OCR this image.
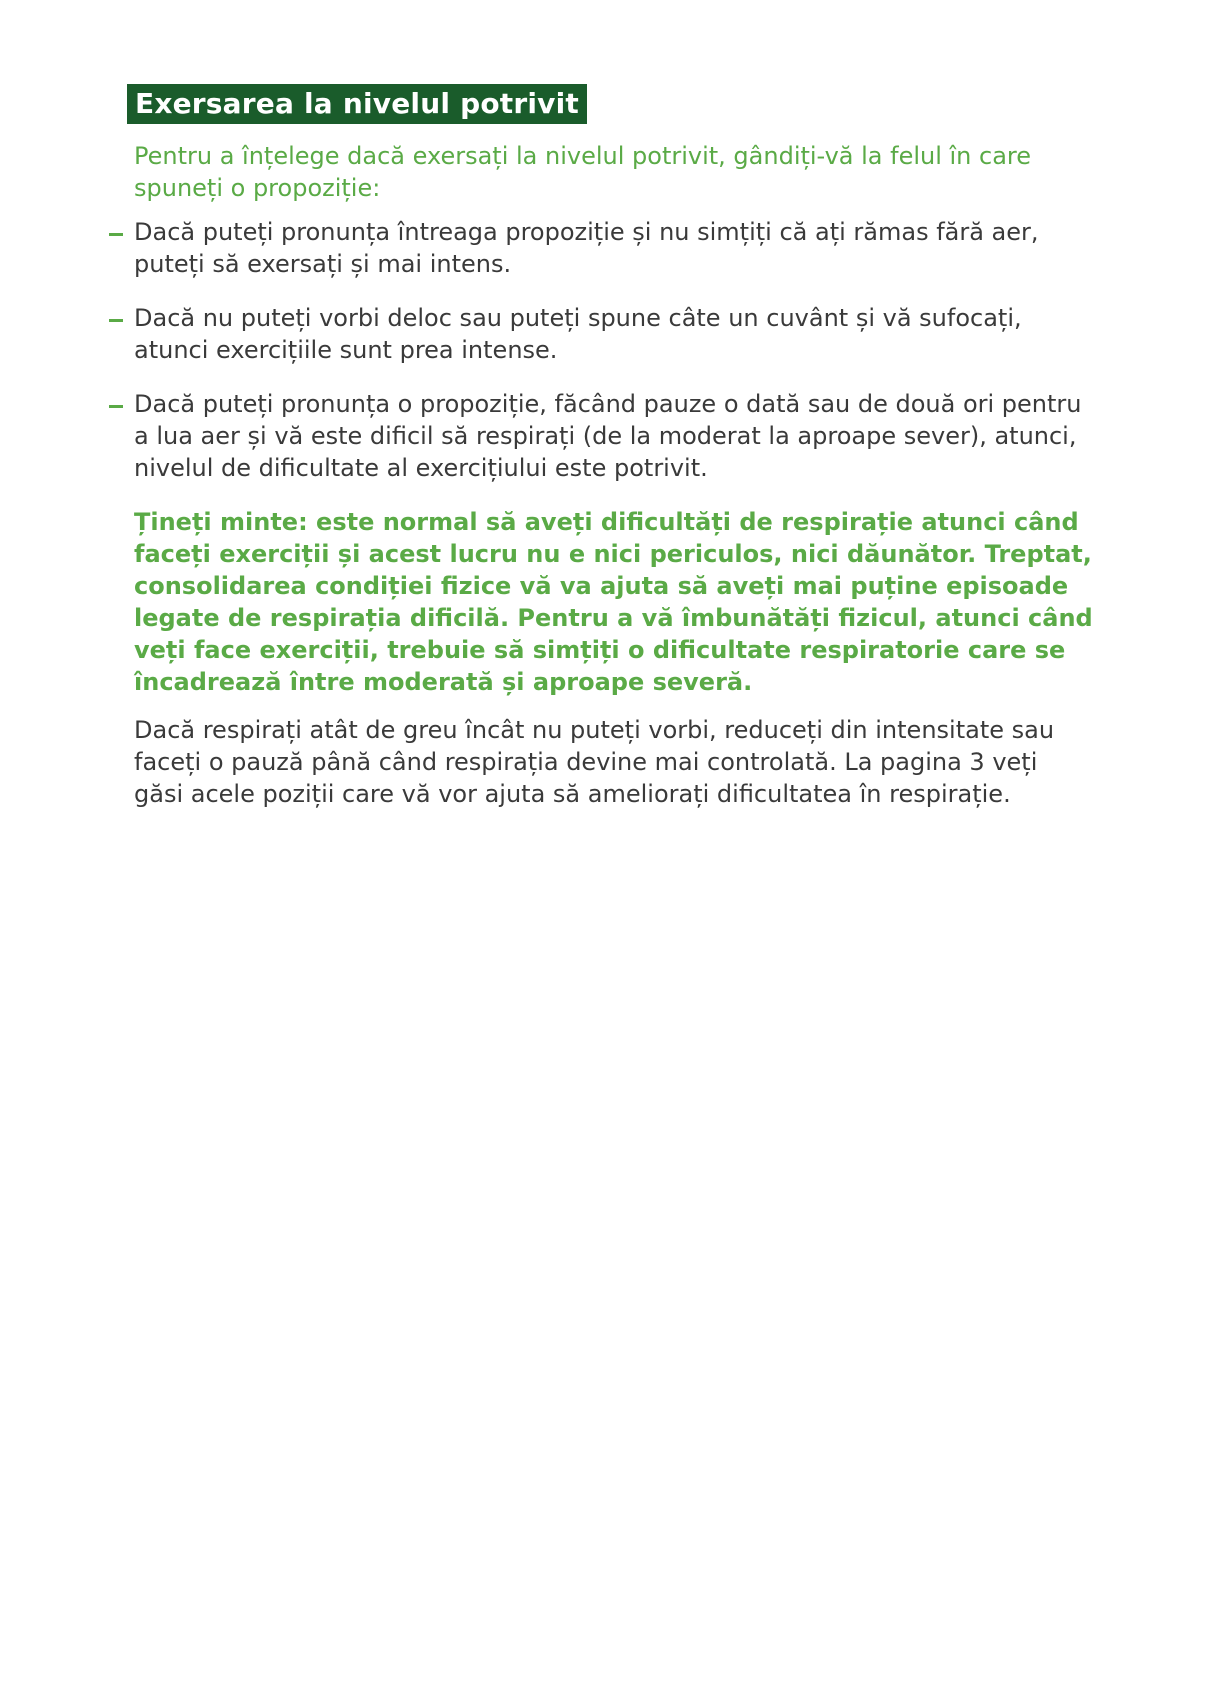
Exersarea la nivelul potrivit

Pentru a înțelege dacă exersați la nivelul potrivit, gândiți-vă la felul în care spuneți o propoziție:

Dacă puteți pronunța întreaga propoziție și nu simțiți că ați rămas fără aer, puteți să exersați și mai intens.
Dacă nu puteți vorbi deloc sau puteți spune câte un cuvânt și vă sufocați, atunci exercițiile sunt prea intense.
Dacă puteți pronunța o propoziție, făcând pauze o dată sau de două ori pentru a lua aer și vă este dificil să respirați (de la moderat la aproape sever), atunci, nivelul de dificultate al exercițiului este potrivit.

Țineți minte: este normal să aveți dificultăți de respirație atunci când faceți exerciții și acest lucru nu e nici periculos, nici dăunător. Treptat, consolidarea condiției fizice vă va ajuta să aveți mai puține episoade legate de respirația dificilă. Pentru a vă îmbunătăți fizicul, atunci când veți face exerciții, trebuie să simțiți o dificultate respiratorie care se încadrează între moderată și aproape severă.

Dacă respirați atât de greu încât nu puteți vorbi, reduceți din intensitate sau faceți o pauză până când respirația devine mai controlată. La pagina 3 veți găsi acele poziții care vă vor ajuta să ameliorați dificultatea în respirație.
